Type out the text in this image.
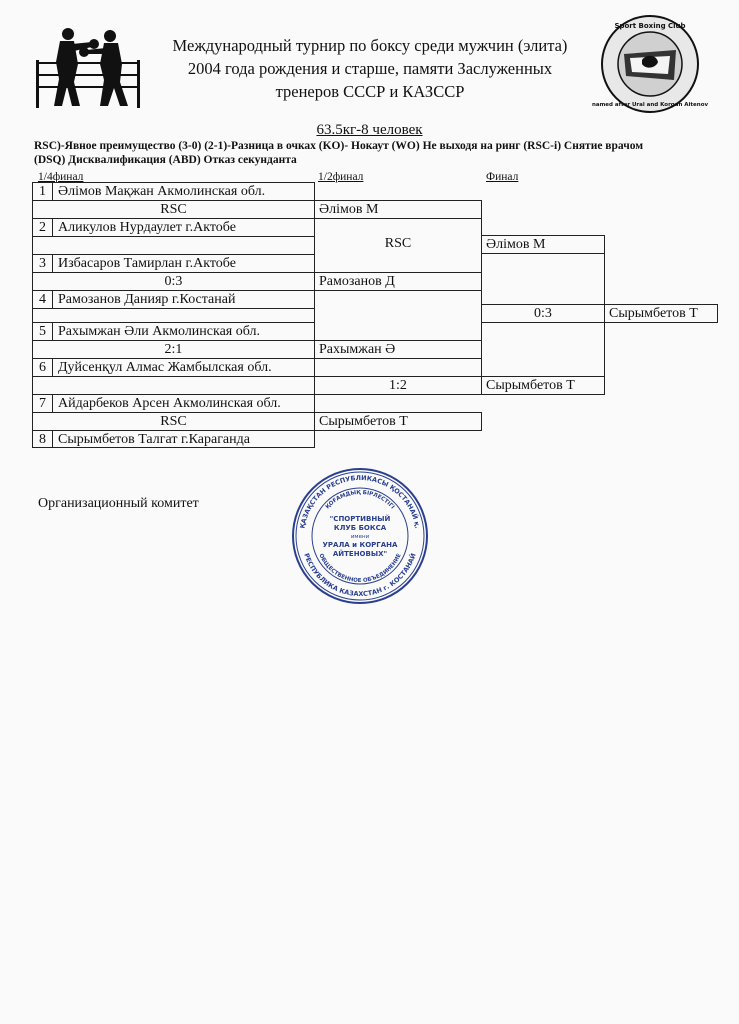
Международный турнир по боксу среди мужчин (элита)
2004 года рождения и старше, памяти Заслуженных
тренеров СССР и КАЗССР
Sport Boxing Club
named after Ural and Korgan Aitenov
63.5кг-8 человек
RSC)-Явное преимущество (3-0) (2-1)-Разница в очках (KO)- Нокаут (WO) Не выходя на ринг (RSC-i) Снятие врачом
(DSQ) Дисквалификация (ABD) Отказ секунданта
1/4финал	1/2финал	Финал
1 Әлімов Мақжан Акмолинская обл.
RSC
2 Аликулов Нурдаулет г.Актобе
3 Избасаров Тамирлан г.Актобе
0:3
4 Рамозанов Данияр г.Костанай
5 Рахымжан Әли Акмолинская обл.
2:1
6 Дуйсенқул Алмас Жамбылская обл.
7 Айдарбеков Арсен Акмолинская обл.
RSC
8 Сырымбетов Талгат г.Караганда
Әлімов М
RSC
Рамозанов Д
Рахымжан Ә
1:2
Сырымбетов Т
Әлімов М
0:3
Сырымбетов Т
Сырымбетов Т
Организационный комитет
ҚАЗАҚСТАН РЕСПУБЛИКАСЫ ҚОСТАНАЙ қ.
РЕСПУБЛИКА КАЗАХСТАН г. КОСТАНАЙ
ҚОҒАМДЫҚ БІРЛЕСТІГІ
ОБЩЕСТВЕННОЕ ОБЪЕДИНЕНИЕ
"СПОРТИВНЫЙ
КЛУБ БОКСА
имени
УРАЛА и КОРГАНА
АЙТЕНОВЫХ"
